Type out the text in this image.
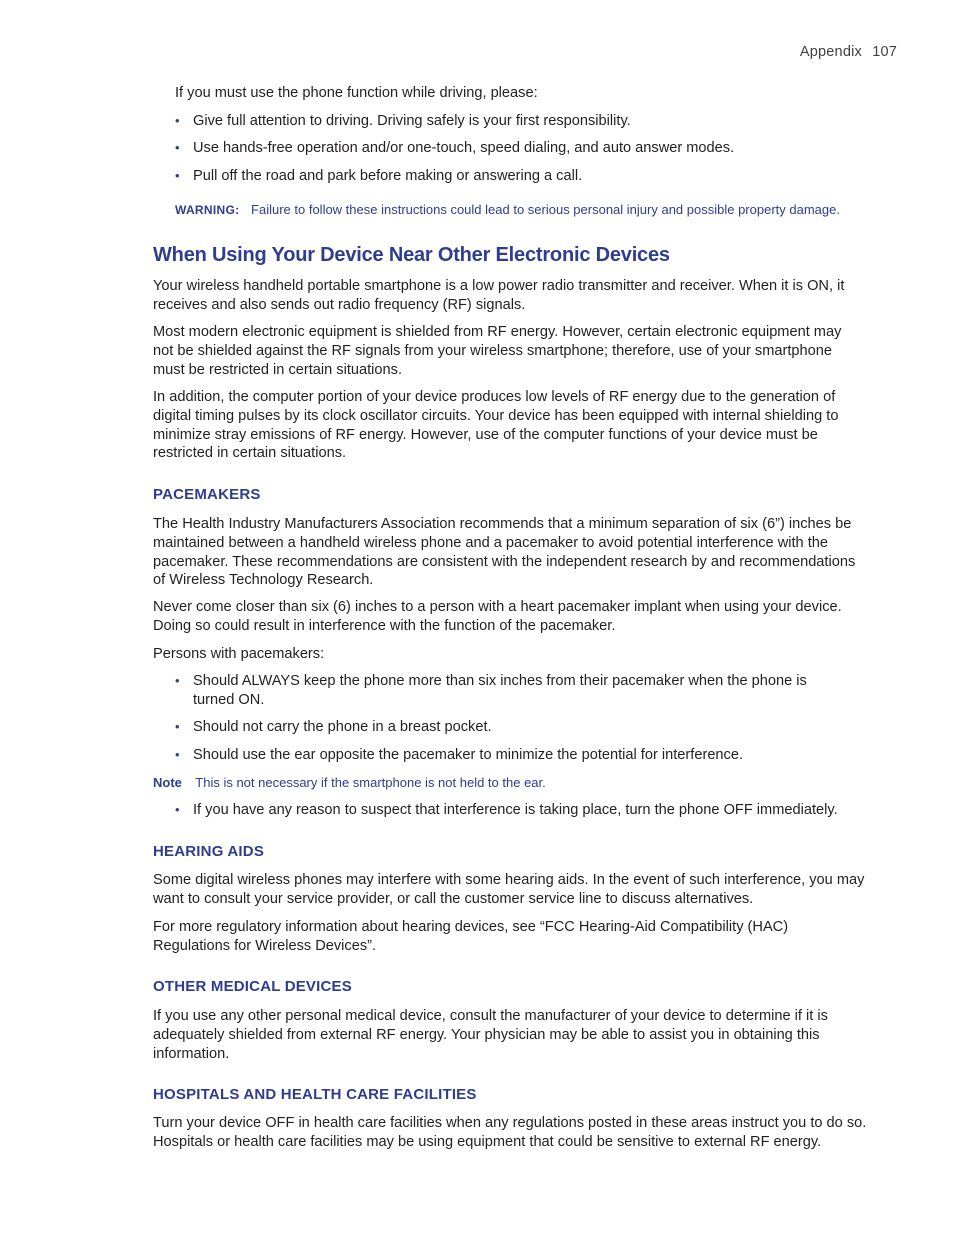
Appendix 107

If you must use the phone function while driving, please:

• Give full attention to driving. Driving safely is your first responsibility.
• Use hands-free operation and/or one-touch, speed dialing, and auto answer modes.
• Pull off the road and park before making or answering a call.
WARNING: Failure to follow these instructions could lead to serious personal injury and possible property damage.
When Using Your Device Near Other Electronic Devices

Your wireless handheld portable smartphone is a low power radio transmitter and receiver. When it is ON, it receives and also sends out radio frequency (RF) signals.

Most modern electronic equipment is shielded from RF energy. However, certain electronic equipment may not be shielded against the RF signals from your wireless smartphone; therefore, use of your smartphone must be restricted in certain situations.

In addition, the computer portion of your device produces low levels of RF energy due to the generation of digital timing pulses by its clock oscillator circuits. Your device has been equipped with internal shielding to minimize stray emissions of RF energy. However, use of the computer functions of your device must be restricted in certain situations.

PACEMAKERS

The Health Industry Manufacturers Association recommends that a minimum separation of six (6”) inches be maintained between a handheld wireless phone and a pacemaker to avoid potential interference with the pacemaker. These recommendations are consistent with the independent research by and recommendations of Wireless Technology Research.

Never come closer than six (6) inches to a person with a heart pacemaker implant when using your device. Doing so could result in interference with the function of the pacemaker.

Persons with pacemakers:

• Should ALWAYS keep the phone more than six inches from their pacemaker when the phone is turned ON.
• Should not carry the phone in a breast pocket.
• Should use the ear opposite the pacemaker to minimize the potential for interference.
Note This is not necessary if the smartphone is not held to the ear.
• If you have any reason to suspect that interference is taking place, turn the phone OFF immediately.
HEARING AIDS

Some digital wireless phones may interfere with some hearing aids. In the event of such interference, you may want to consult your service provider, or call the customer service line to discuss alternatives.

For more regulatory information about hearing devices, see “FCC Hearing-Aid Compatibility (HAC) Regulations for Wireless Devices”.

OTHER MEDICAL DEVICES

If you use any other personal medical device, consult the manufacturer of your device to determine if it is adequately shielded from external RF energy. Your physician may be able to assist you in obtaining this information.

HOSPITALS AND HEALTH CARE FACILITIES

Turn your device OFF in health care facilities when any regulations posted in these areas instruct you to do so. Hospitals or health care facilities may be using equipment that could be sensitive to external RF energy.
